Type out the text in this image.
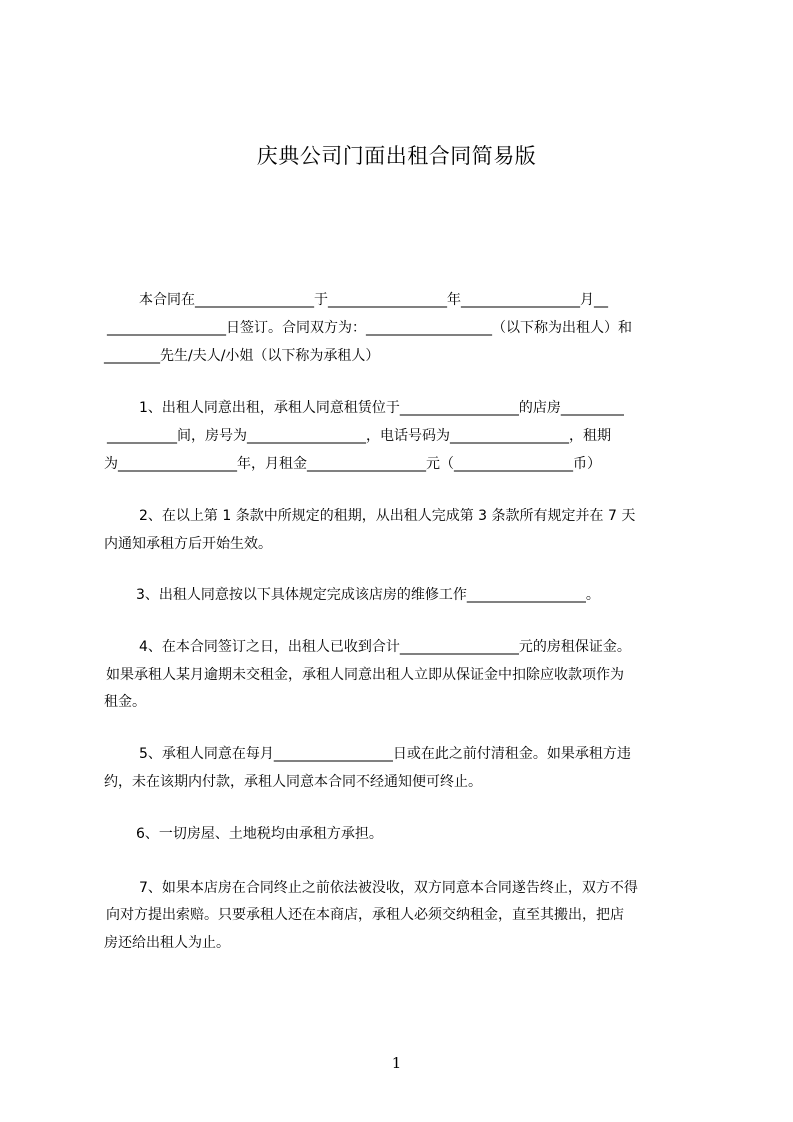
庆典公司门面出租合同简易版
本合同在_________________于_________________年_________________月__
_________________日签订。合同双方为：__________________（以下称为出租人）和
________先生/夫人/小姐（以下称为承租人）
1、出租人同意出租，承租人同意租赁位于_________________的店房_________
__________间，房号为_________________，电话号码为_________________，租期
为_________________年，月租金_________________元（_________________币）
2、在以上第 1 条款中所规定的租期，从出租人完成第 3 条款所有规定并在 7 天
内通知承租方后开始生效。
3、出租人同意按以下具体规定完成该店房的维修工作_________________。
4、在本合同签订之日，出租人已收到合计_________________元的房租保证金。
如果承租人某月逾期未交租金，承租人同意出租人立即从保证金中扣除应收款项作为
租金。
5、承租人同意在每月_________________日或在此之前付清租金。如果承租方违
约，未在该期内付款，承租人同意本合同不经通知便可终止。
6、一切房屋、土地税均由承租方承担。
7、如果本店房在合同终止之前依法被没收，双方同意本合同遂告终止，双方不得
向对方提出索赔。只要承租人还在本商店，承租人必须交纳租金，直至其搬出，把店
房还给出租人为止。
1
